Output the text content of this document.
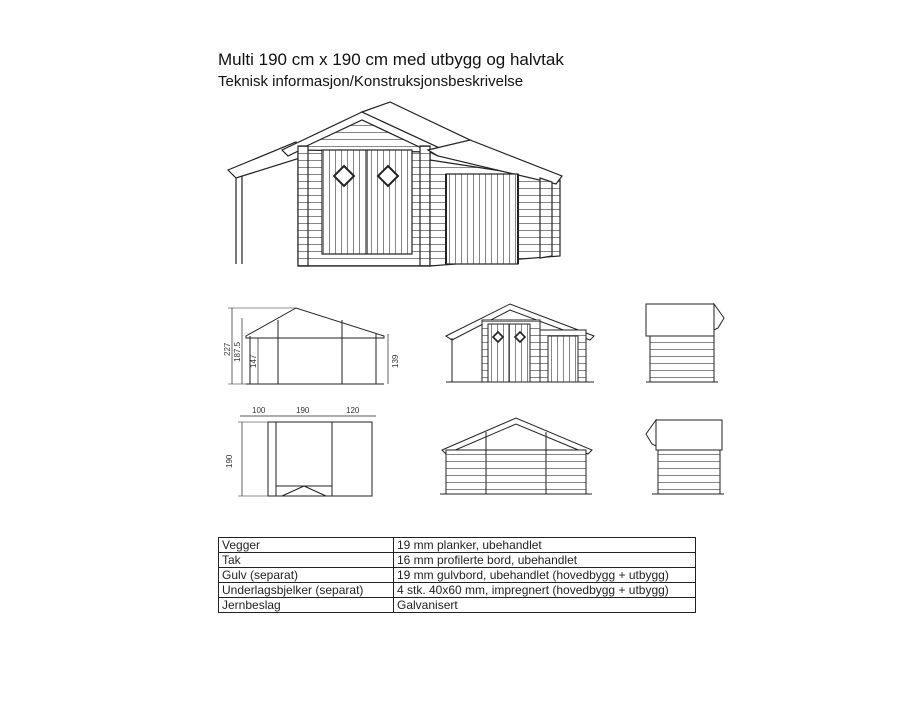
Multi 190 cm x 190 cm med utbygg og halvtak
Teknisk informasjon/Konstruksjonsbeskrivelse
227 187.5 147	139
100	190	120
190
Vegger	19 mm planker, ubehandlet
Tak	16 mm profilerte bord, ubehandlet
Gulv (separat)	19 mm gulvbord, ubehandlet (hovedbygg + utbygg)
Underlagsbjelker (separat)	4 stk. 40x60 mm, impregnert (hovedbygg + utbygg)
Jernbeslag	Galvanisert
